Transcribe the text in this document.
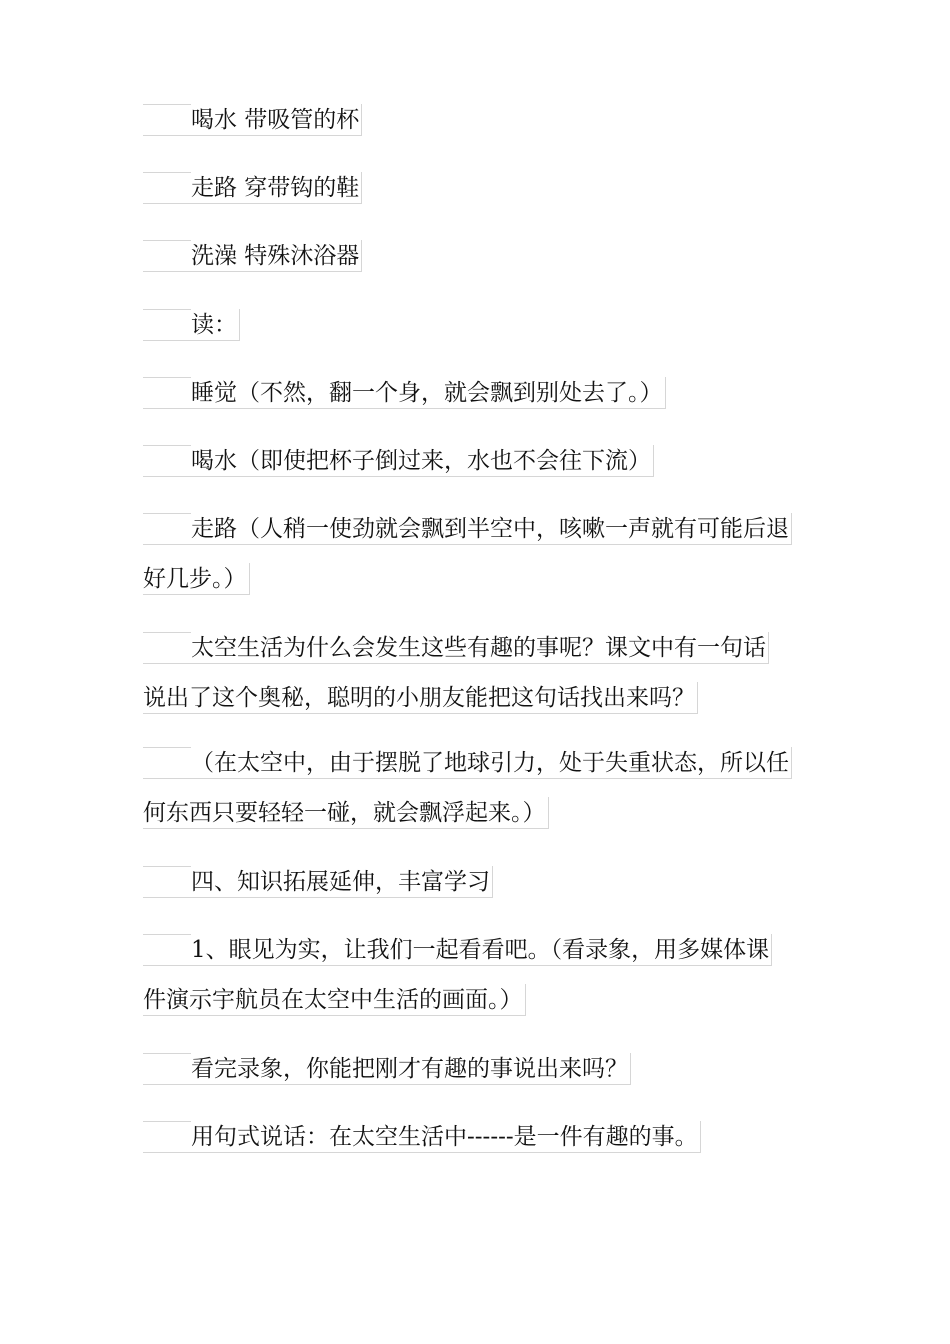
喝水 带吸管的杯
走路 穿带钩的鞋
洗澡 特殊沐浴器
读：
睡觉（不然，翻一个身，就会飘到别处去了。）
喝水（即使把杯子倒过来，水也不会往下流）
走路（人稍一使劲就会飘到半空中，咳嗽一声就有可能后退
好几步。）
太空生活为什么会发生这些有趣的事呢？课文中有一句话
说出了这个奥秘，聪明的小朋友能把这句话找出来吗？
（在太空中，由于摆脱了地球引力，处于失重状态，所以任
何东西只要轻轻一碰，就会飘浮起来。）
四、知识拓展延伸，丰富学习
1、眼见为实，让我们一起看看吧。（看录象，用多媒体课
件演示宇航员在太空中生活的画面。）
看完录象，你能把刚才有趣的事说出来吗？
用句式说话：在太空生活中------是一件有趣的事。
